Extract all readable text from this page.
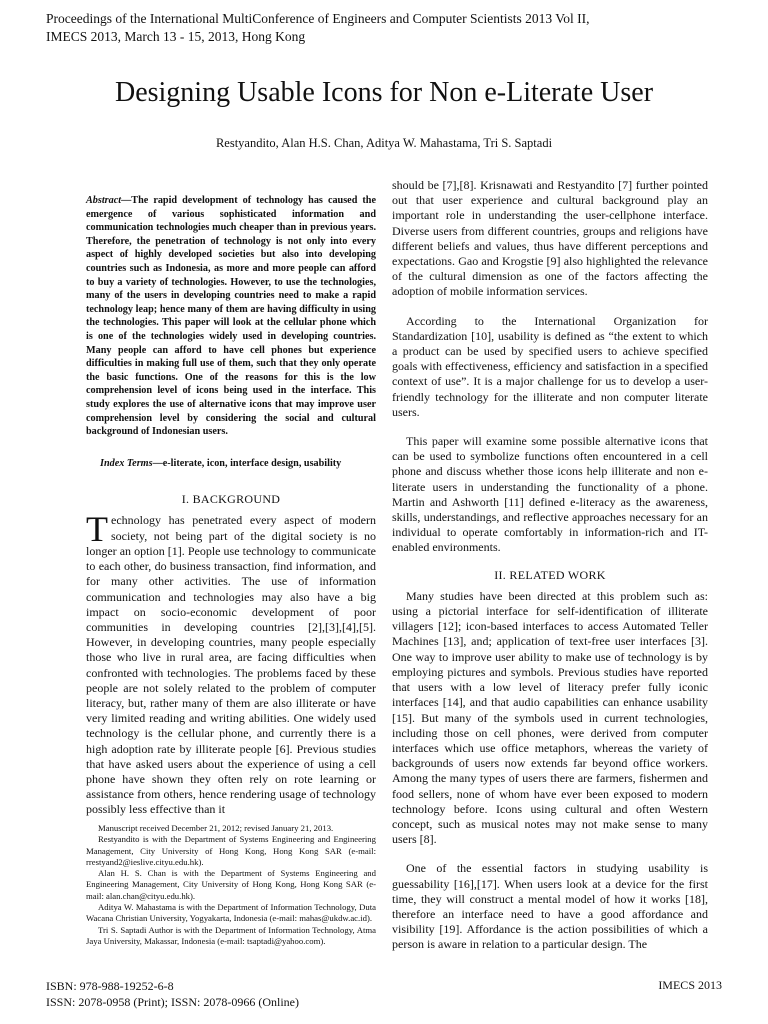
Proceedings of the International MultiConference of Engineers and Computer Scientists 2013 Vol II,
IMECS 2013, March 13 - 15, 2013, Hong Kong
Designing Usable Icons for Non e-Literate User
Restyandito, Alan H.S. Chan, Aditya W. Mahastama, Tri S. Saptadi

Abstract—The rapid development of technology has caused the emergence of various sophisticated information and communication technologies much cheaper than in previous years. Therefore, the penetration of technology is not only into every aspect of highly developed societies but also into developing countries such as Indonesia, as more and more people can afford to buy a variety of technologies. However, to use the technologies, many of the users in developing countries need to make a rapid technology leap; hence many of them are having difficulty in using the technologies. This paper will look at the cellular phone which is one of the technologies widely used in developing countries. Many people can afford to have cell phones but experience difficulties in making full use of them, such that they only operate the basic functions. One of the reasons for this is the low comprehension level of icons being used in the interface. This study explores the use of alternative icons that may improve user comprehension level by considering the social and cultural background of Indonesian users.

Index Terms—e-literate, icon, interface design, usability

I. BACKGROUND

Technology has penetrated every aspect of modern society, not being part of the digital society is no longer an option [1]. People use technology to communicate to each other, do business transaction, find information, and for many other activities. The use of information communication and technologies may also have a big impact on socio-economic development of poor communities in developing countries [2],[3],[4],[5]. However, in developing countries, many people especially those who live in rural area, are facing difficulties when confronted with technologies. The problems faced by these people are not solely related to the problem of computer literacy, but, rather many of them are also illiterate or have very limited reading and writing abilities. One widely used technology is the cellular phone, and currently there is a high adoption rate by illiterate people [6]. Previous studies that have asked users about the experience of using a cell phone have shown they often rely on rote learning or assistance from others, hence rendering usage of technology possibly less effective than it

Manuscript received December 21, 2012; revised January 21, 2013.

Restyandito is with the Department of Systems Engineering and Engineering Management, City University of Hong Kong, Hong Kong SAR (e-mail: rrestyand2@ieslive.cityu.edu.hk).

Alan H. S. Chan is with the Department of Systems Engineering and Engineering Management, City University of Hong Kong, Hong Kong SAR (e-mail: alan.chan@cityu.edu.hk).

Aditya W. Mahastama is with the Department of Information Technology, Duta Wacana Christian University, Yogyakarta, Indonesia (e-mail: mahas@ukdw.ac.id).

Tri S. Saptadi Author is with the Department of Information Technology, Atma Jaya University, Makassar, Indonesia (e-mail: tsaptadi@yahoo.com).

should be [7],[8]. Krisnawati and Restyandito [7] further pointed out that user experience and cultural background play an important role in understanding the user-cellphone interface. Diverse users from different countries, groups and religions have different beliefs and values, thus have different perceptions and expectations. Gao and Krogstie [9] also highlighted the relevance of the cultural dimension as one of the factors affecting the adoption of mobile information services.

According to the International Organization for Standardization [10], usability is defined as “the extent to which a product can be used by specified users to achieve specified goals with effectiveness, efficiency and satisfaction in a specified context of use”. It is a major challenge for us to develop a user-friendly technology for the illiterate and non computer literate users.

This paper will examine some possible alternative icons that can be used to symbolize functions often encountered in a cell phone and discuss whether those icons help illiterate and non e-literate users in understanding the functionality of a phone. Martin and Ashworth [11] defined e-literacy as the awareness, skills, understandings, and reflective approaches necessary for an individual to operate comfortably in information-rich and IT-enabled environments.

II. RELATED WORK

Many studies have been directed at this problem such as: using a pictorial interface for self-identification of illiterate villagers [12]; icon-based interfaces to access Automated Teller Machines [13], and; application of text-free user interfaces [3]. One way to improve user ability to make use of technology is by employing pictures and symbols. Previous studies have reported that users with a low level of literacy prefer fully iconic interfaces [14], and that audio capabilities can enhance usability [15]. But many of the symbols used in current technologies, including those on cell phones, were derived from computer interfaces which use office metaphors, whereas the variety of backgrounds of users now extends far beyond office workers. Among the many types of users there are farmers, fishermen and food sellers, none of whom have ever been exposed to modern technology before. Icons using cultural and often Western concept, such as musical notes may not make sense to many users [8].

One of the essential factors in studying usability is guessability [16],[17]. When users look at a device for the first time, they will construct a mental model of how it works [18], therefore an interface need to have a good affordance and visibility [19]. Affordance is the action possibilities of which a person is aware in relation to a particular design. The

ISBN: 978-988-19252-6-8
ISSN: 2078-0958 (Print); ISSN: 2078-0966 (Online)
IMECS 2013
